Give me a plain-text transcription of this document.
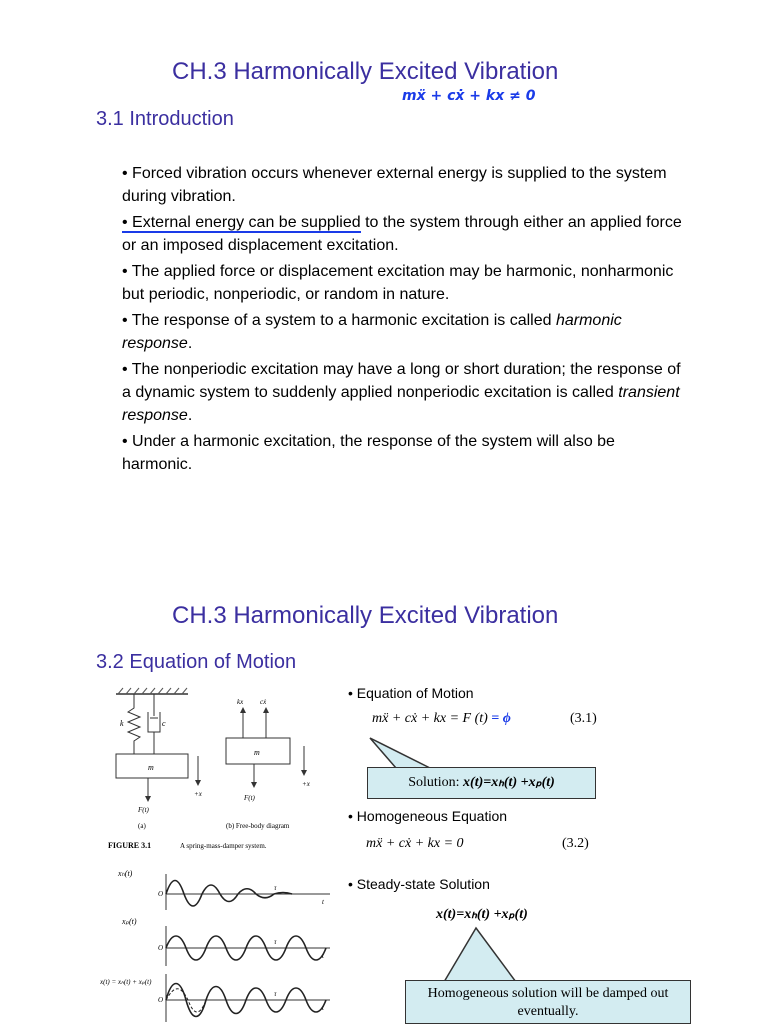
CH.3 Harmonically Excited Vibration
mẍ + cẋ + kx ≠ 0
3.1 Introduction

• Forced vibration occurs whenever external energy is supplied to the system during vibration.

• External energy can be supplied to the system through either an applied force or an imposed displacement excitation.

• The applied force or displacement excitation may be harmonic, nonharmonic but periodic, nonperiodic, or random in nature.

• The response of a system to a harmonic excitation is called harmonic response.

• The nonperiodic excitation may have a long or short duration; the response of a dynamic system to suddenly applied nonperiodic excitation is called transient response.

• Under a harmonic excitation, the response of the system will also be harmonic.

CH.3 Harmonically Excited Vibration
3.2 Equation of Motion
m
k	c
F(t)
+x
(a)
kx cẋ
m
F(t)
+x
(b) Free-body diagram
FIGURE 3.1	A spring-mass-damper system.
xₕ(t)
O
t
τ
xₚ(t)
O
t
τ
x(t) = xₕ(t) + xₚ(t)
O
t
τ
• Equation of Motion
mẍ + cẋ + kx = F (t) = ϕ	(3.1)
Solution: x(t)=xₕ(t) +xₚ(t)
• Homogeneous Equation
mẍ + cẋ + kx = 0	(3.2)
• Steady-state Solution
x(t)=xₕ(t) +xₚ(t)
Homogeneous solution will be damped out eventually.
